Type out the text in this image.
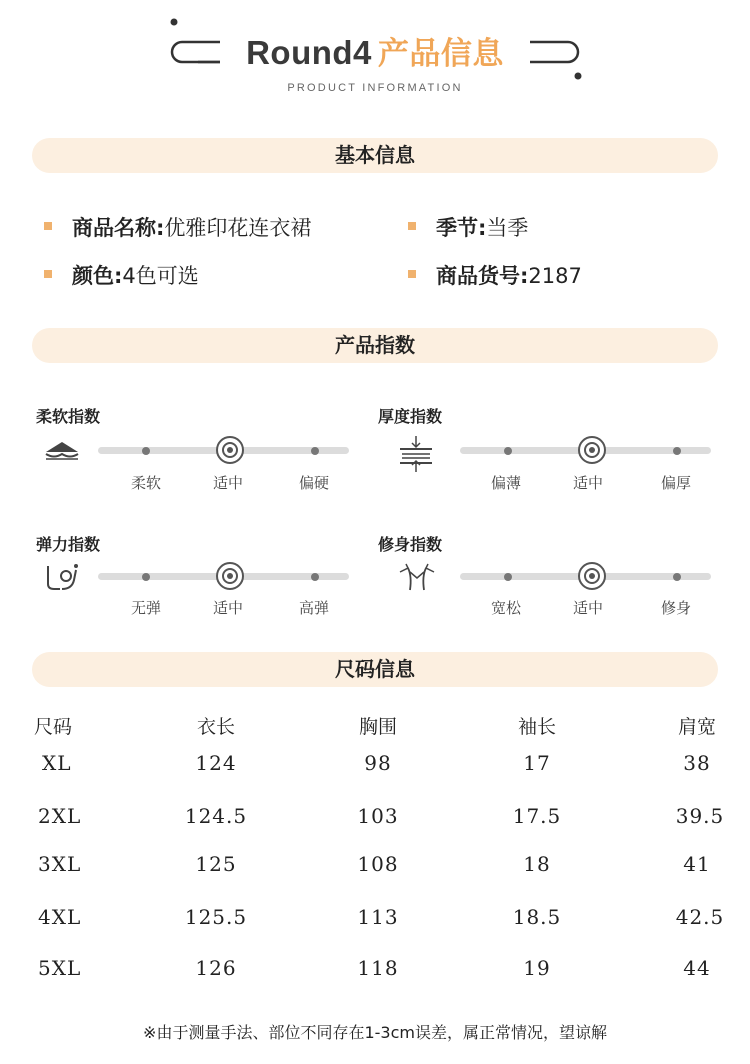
Round4 产品信息
PRODUCT INFORMATION
基本信息
商品名称:优雅印花连衣裙	季节:当季
颜色:4色可选	商品货号:2187
产品指数
柔软指数
柔软	适中	偏硬
厚度指数
偏薄	适中	偏厚
弹力指数
无弹	适中	高弹
修身指数
宽松	适中	修身
尺码信息
尺码	衣长	胸围	袖长	肩宽
XL	124	98	17	38
2XL	124.5	103	17.5	39.5
3XL	125	108	18	41
4XL	125.5	113	18.5	42.5
5XL	126	118	19	44
※由于测量手法、部位不同存在1-3cm误差，属正常情况，望谅解
